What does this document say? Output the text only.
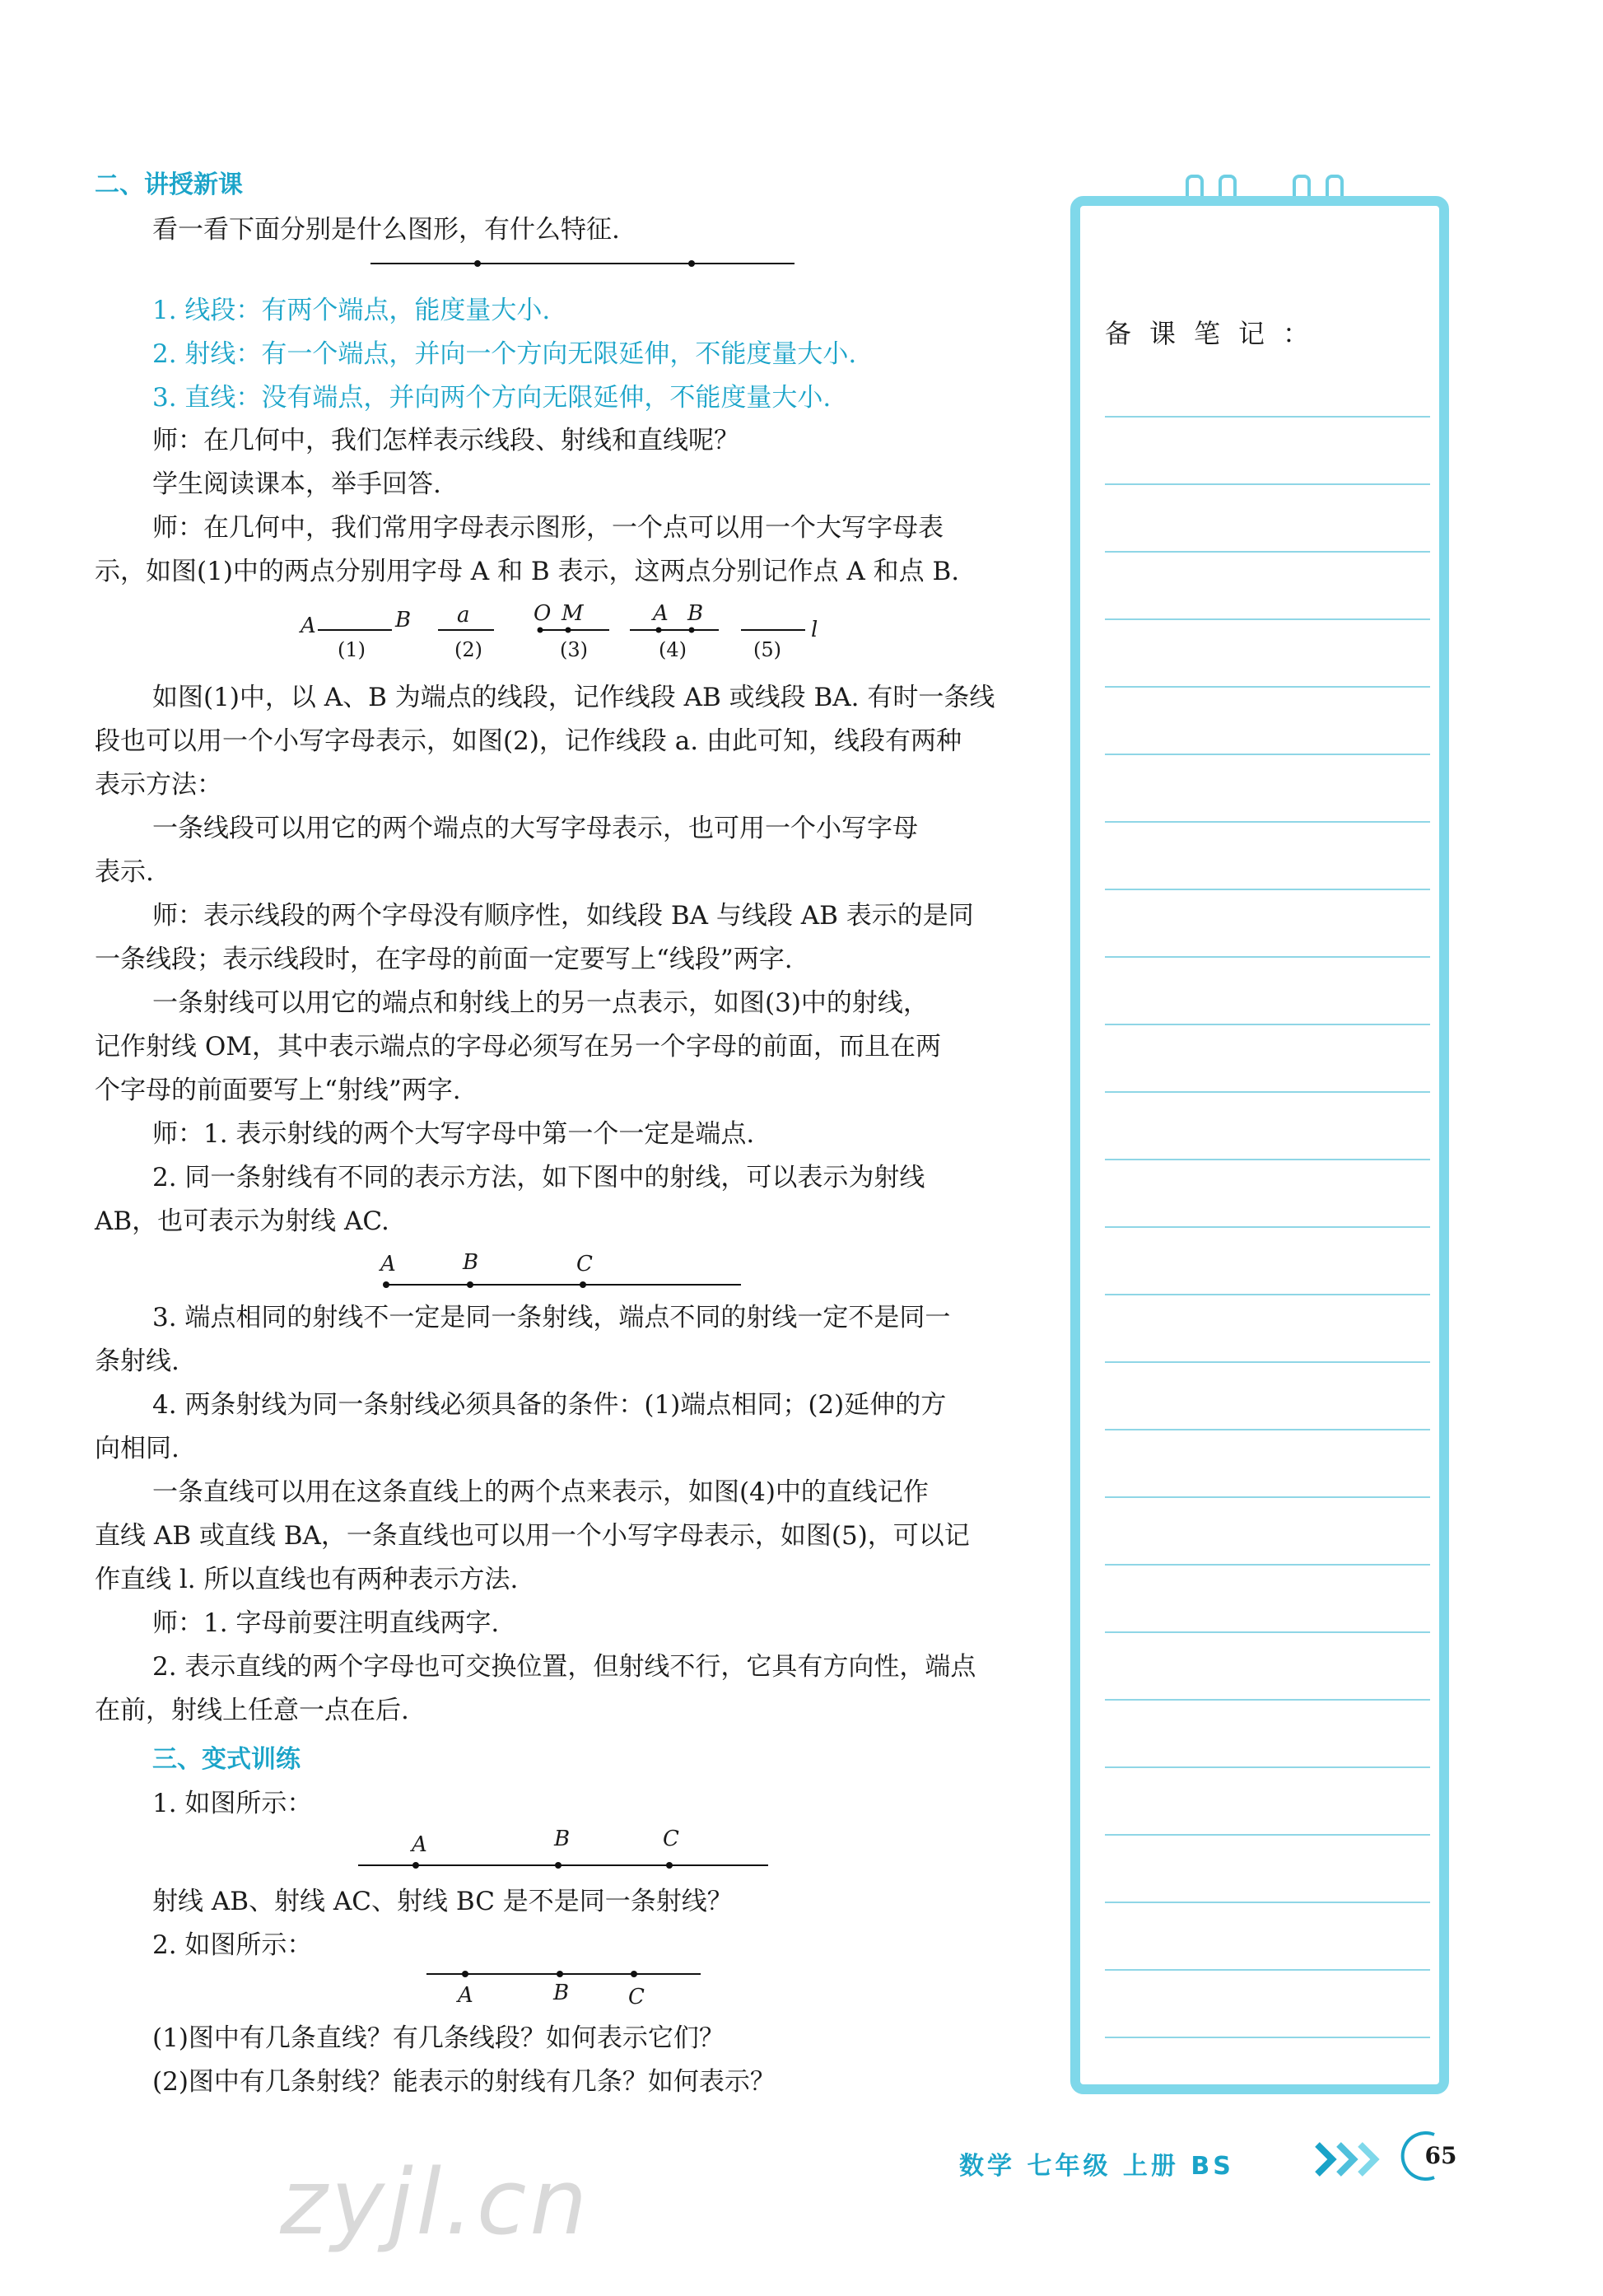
二、讲授新课
看一看下面分别是什么图形，有什么特征.
1. 线段：有两个端点，能度量大小.
2. 射线：有一个端点，并向一个方向无限延伸，不能度量大小.
3. 直线：没有端点，并向两个方向无限延伸，不能度量大小.
师：在几何中，我们怎样表示线段、射线和直线呢？
学生阅读课本，举手回答.
师：在几何中，我们常用字母表示图形，一个点可以用一个大写字母表
示，如图(1)中的两点分别用字母 A 和 B 表示，这两点分别记作点 A 和点 B.
A	B
(1)
a
(2)
O M
(3)
A B
(4)
l
(5)
如图(1)中，以 A、B 为端点的线段，记作线段 AB 或线段 BA. 有时一条线
段也可以用一个小写字母表示，如图(2)，记作线段 a. 由此可知，线段有两种
表示方法：
一条线段可以用它的两个端点的大写字母表示，也可用一个小写字母
表示.
师：表示线段的两个字母没有顺序性，如线段 BA 与线段 AB 表示的是同
一条线段；表示线段时，在字母的前面一定要写上“线段”两字.
一条射线可以用它的端点和射线上的另一点表示，如图(3)中的射线，
记作射线 OM，其中表示端点的字母必须写在另一个字母的前面，而且在两
个字母的前面要写上“射线”两字.
师：1. 表示射线的两个大写字母中第一个一定是端点.
2. 同一条射线有不同的表示方法，如下图中的射线，可以表示为射线
AB，也可表示为射线 AC.
A	B	C
3. 端点相同的射线不一定是同一条射线，端点不同的射线一定不是同一
条射线.
4. 两条射线为同一条射线必须具备的条件：(1)端点相同；(2)延伸的方
向相同.
一条直线可以用在这条直线上的两个点来表示，如图(4)中的直线记作
直线 AB 或直线 BA，一条直线也可以用一个小写字母表示，如图(5)，可以记
作直线 l. 所以直线也有两种表示方法.
师：1. 字母前要注明直线两字.
2. 表示直线的两个字母也可交换位置，但射线不行，它具有方向性，端点
在前，射线上任意一点在后.
三、变式训练
1. 如图所示：
A	B	C
射线 AB、射线 AC、射线 BC 是不是同一条射线？
2. 如图所示：
A	B	C
(1)图中有几条直线？有几条线段？如何表示它们？
(2)图中有几条射线？能表示的射线有几条？如何表示？
备课笔记：
数学 七年级 上册 BS	65
zyjl.cn
